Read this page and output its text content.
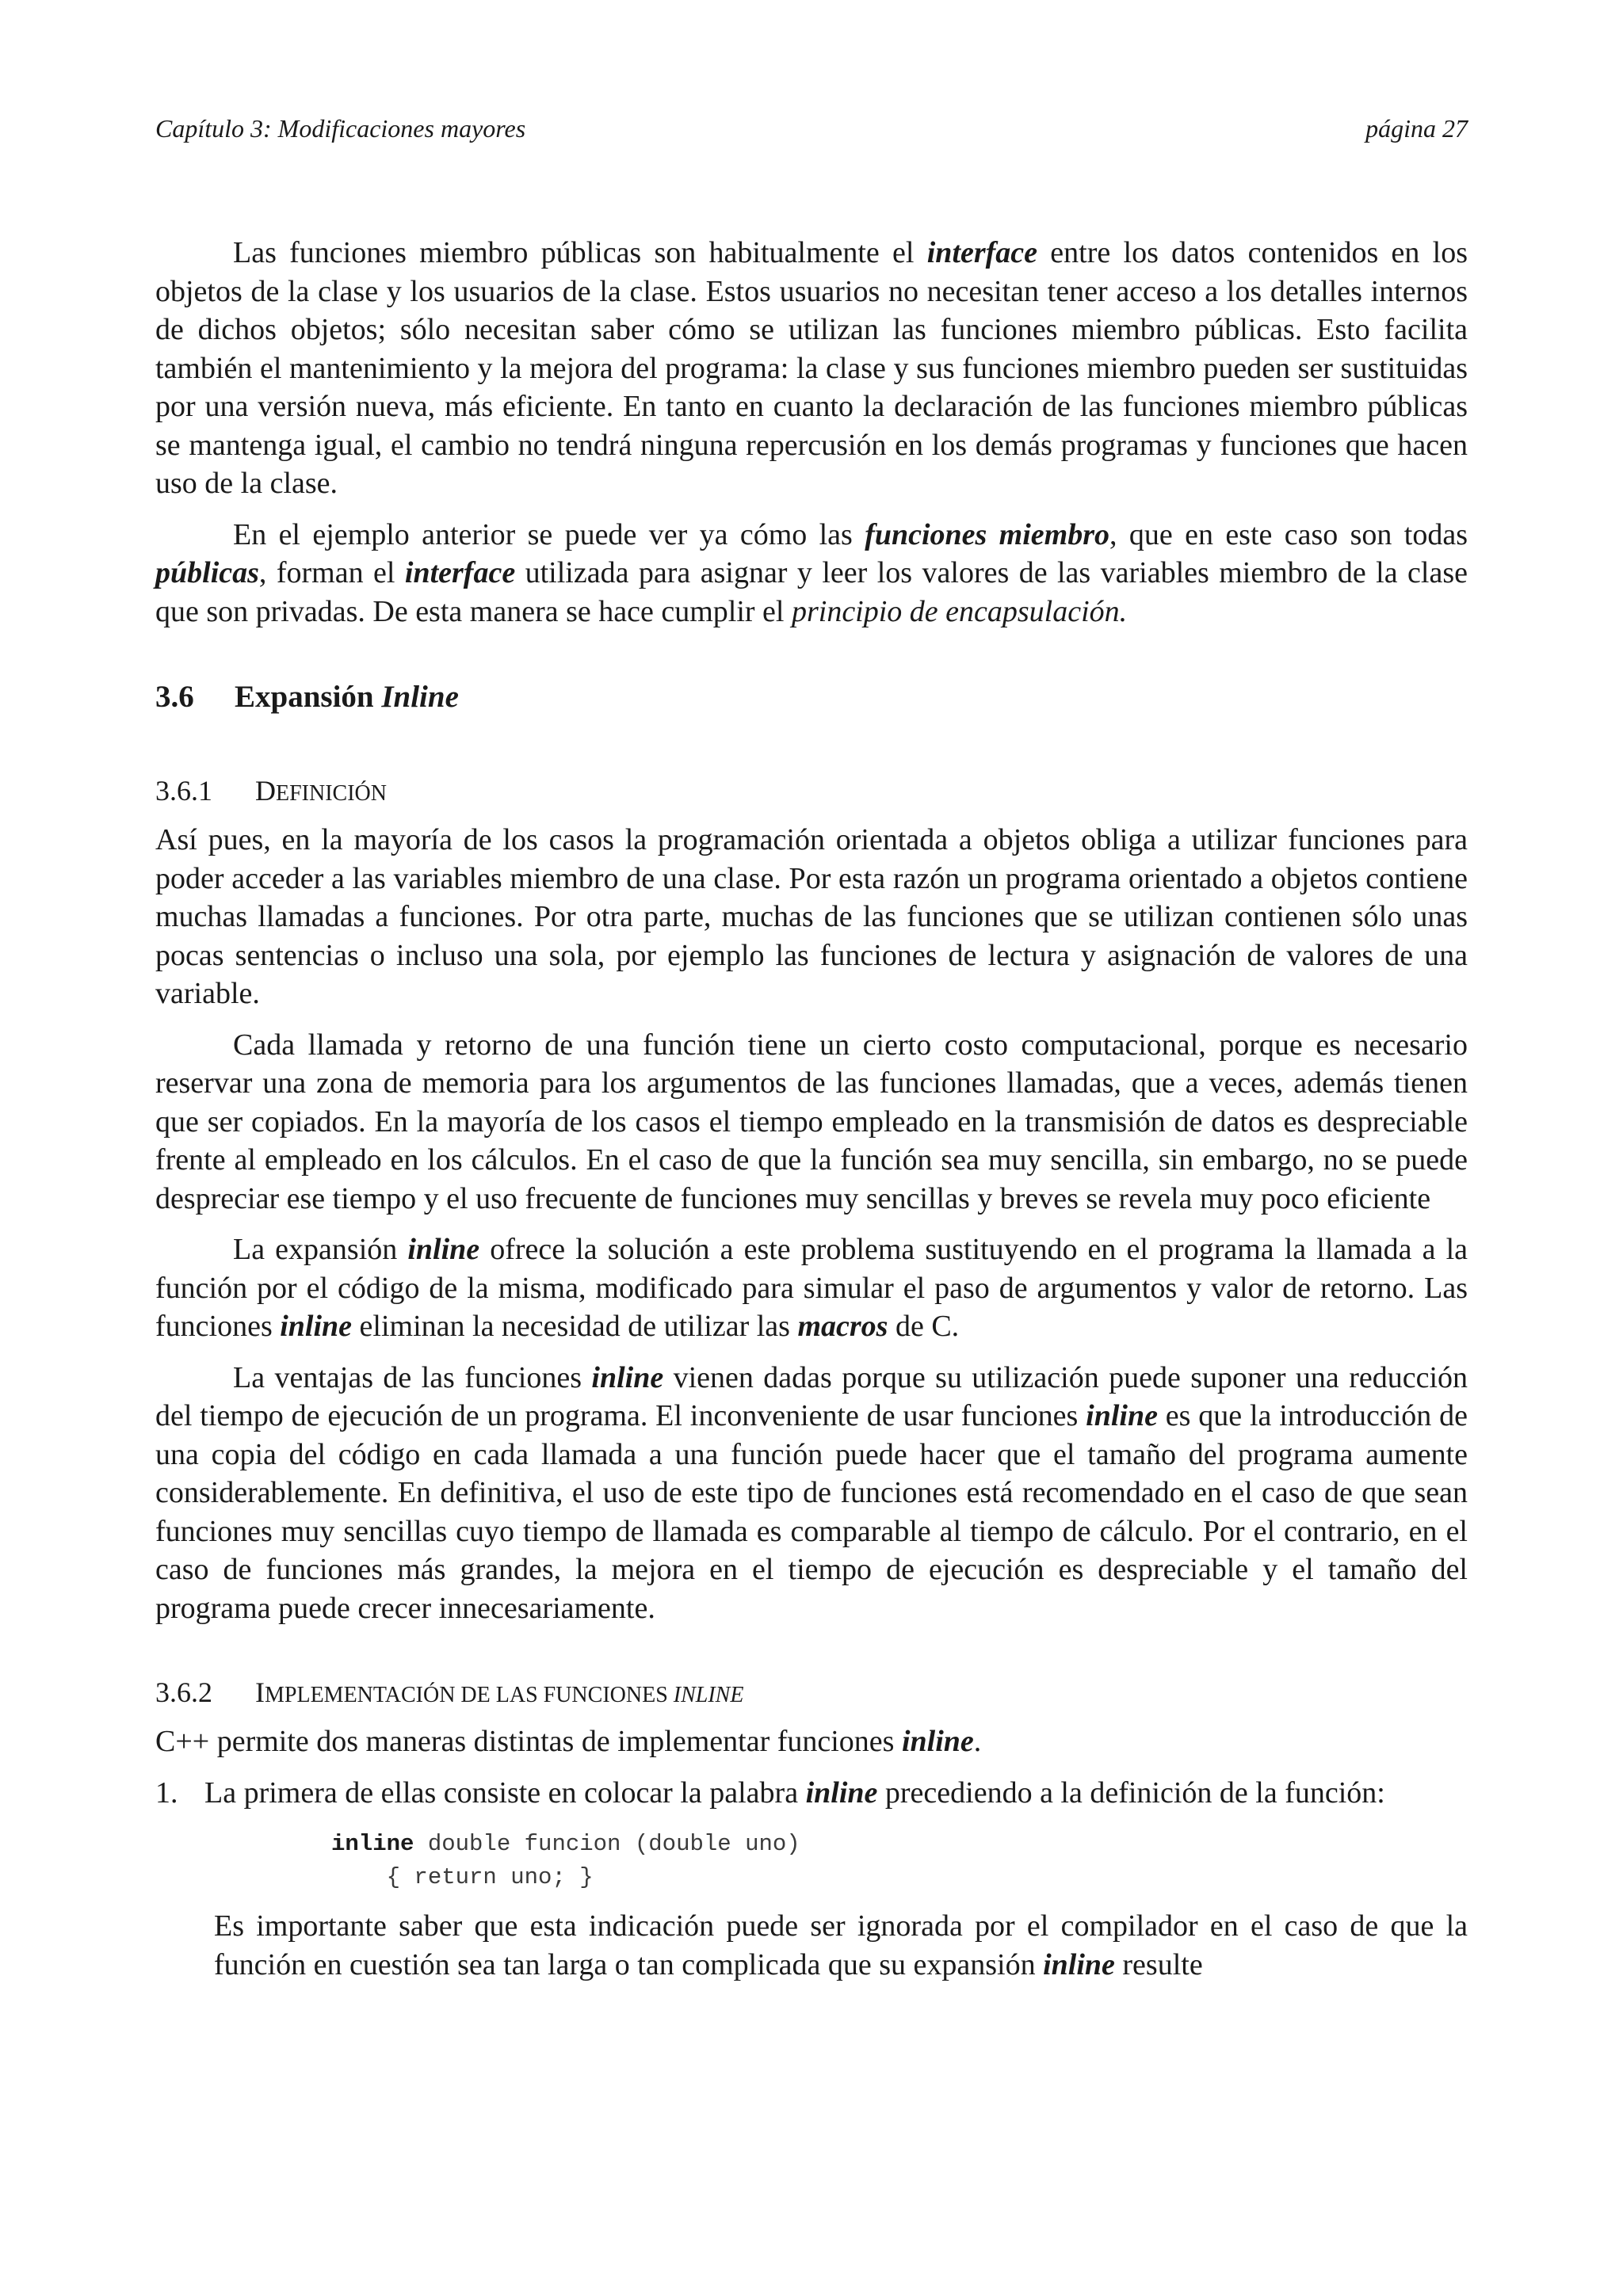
Capítulo 3: Modificaciones mayores	página 27

Las funciones miembro públicas son habitualmente el interface entre los datos contenidos en los objetos de la clase y los usuarios de la clase. Estos usuarios no necesitan tener acceso a los detalles internos de dichos objetos; sólo necesitan saber cómo se utilizan las funciones miembro públicas. Esto facilita también el mantenimiento y la mejora del programa: la clase y sus funciones miembro pueden ser sustituidas por una versión nueva, más eficiente. En tanto en cuanto la declaración de las funciones miembro públicas se mantenga igual, el cambio no tendrá ninguna repercusión en los demás programas y funciones que hacen uso de la clase.

En el ejemplo anterior se puede ver ya cómo las funciones miembro, que en este caso son todas públicas, forman el interface utilizada para asignar y leer los valores de las variables miembro de la clase que son privadas. De esta manera se hace cumplir el principio de encapsulación.

3.6 Expansión Inline
3.6.1 DEFINICIÓN

Así pues, en la mayoría de los casos la programación orientada a objetos obliga a utilizar funciones para poder acceder a las variables miembro de una clase. Por esta razón un programa orientado a objetos contiene muchas llamadas a funciones. Por otra parte, muchas de las funciones que se utilizan contienen sólo unas pocas sentencias o incluso una sola, por ejemplo las funciones de lectura y asignación de valores de una variable.

Cada llamada y retorno de una función tiene un cierto costo computacional, porque es necesario reservar una zona de memoria para los argumentos de las funciones llamadas, que a veces, además tienen que ser copiados. En la mayoría de los casos el tiempo empleado en la transmisión de datos es despreciable frente al empleado en los cálculos. En el caso de que la función sea muy sencilla, sin embargo, no se puede despreciar ese tiempo y el uso frecuente de funciones muy sencillas y breves se revela muy poco eficiente

La expansión inline ofrece la solución a este problema sustituyendo en el programa la llamada a la función por el código de la misma, modificado para simular el paso de argumentos y valor de retorno. Las funciones inline eliminan la necesidad de utilizar las macros de C.

La ventajas de las funciones inline vienen dadas porque su utilización puede suponer una reducción del tiempo de ejecución de un programa. El inconveniente de usar funciones inline es que la introducción de una copia del código en cada llamada a una función puede hacer que el tamaño del programa aumente considerablemente. En definitiva, el uso de este tipo de funciones está recomendado en el caso de que sean funciones muy sencillas cuyo tiempo de llamada es comparable al tiempo de cálculo. Por el contrario, en el caso de funciones más grandes, la mejora en el tiempo de ejecución es despreciable y el tamaño del programa puede crecer innecesariamente.

3.6.2 IMPLEMENTACIÓN DE LAS FUNCIONES INLINE

C++ permite dos maneras distintas de implementar funciones inline.

1. La primera de ellas consiste en colocar la palabra inline precediendo a la definición de la función:

inline double funcion (double uno)
{ return uno; }

Es importante saber que esta indicación puede ser ignorada por el compilador en el caso de que la función en cuestión sea tan larga o tan complicada que su expansión inline resulte
